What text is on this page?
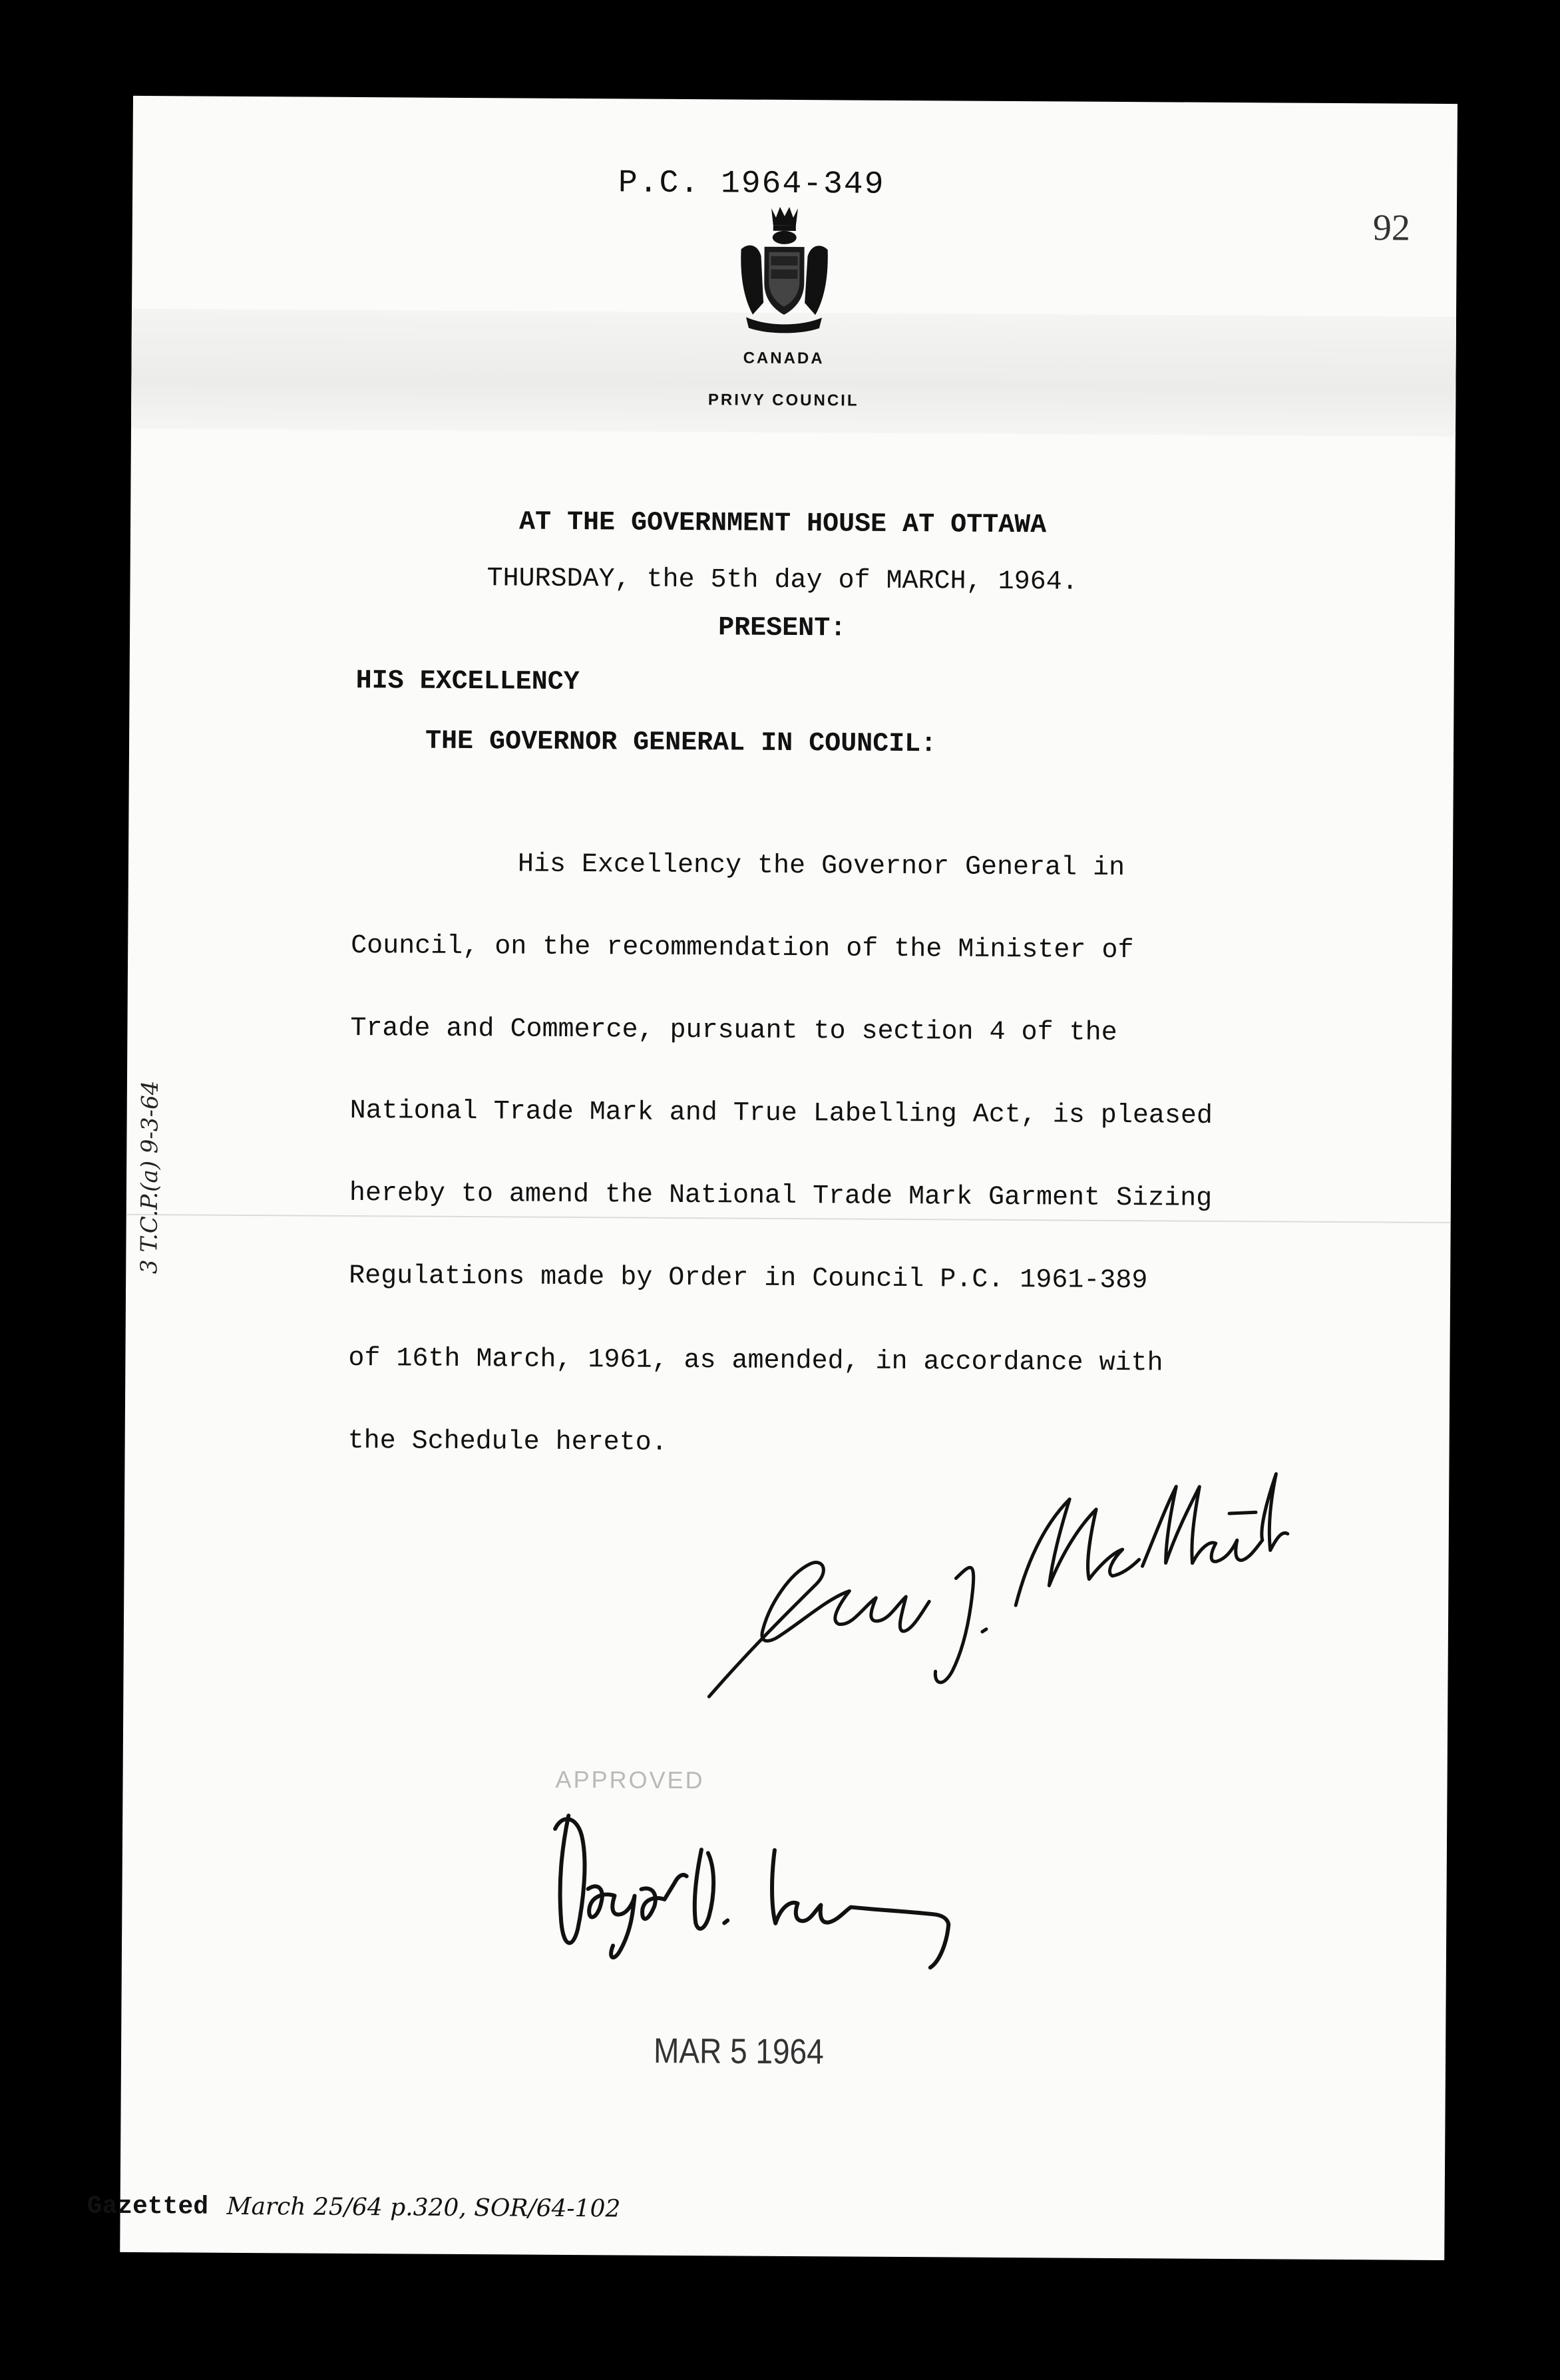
P.C. 1964-349
92
CANADA
PRIVY COUNCIL
AT THE GOVERNMENT HOUSE AT OTTAWA
THURSDAY, the 5th day of MARCH, 1964.
PRESENT:
HIS EXCELLENCY
THE GOVERNOR GENERAL IN COUNCIL:
His Excellency the Governor General in
Council, on the recommendation of the Minister of
Trade and Commerce, pursuant to section 4 of the
National Trade Mark and True Labelling Act, is pleased
hereby to amend the National Trade Mark Garment Sizing
Regulations made by Order in Council P.C. 1961-389
of 16th March, 1961, as amended, in accordance with
the Schedule hereto.
3 T.C.P.(a) 9-3-64
APPROVED
MAR 5 1964
Gazetted March 25/64 p.320, SOR/64-102
